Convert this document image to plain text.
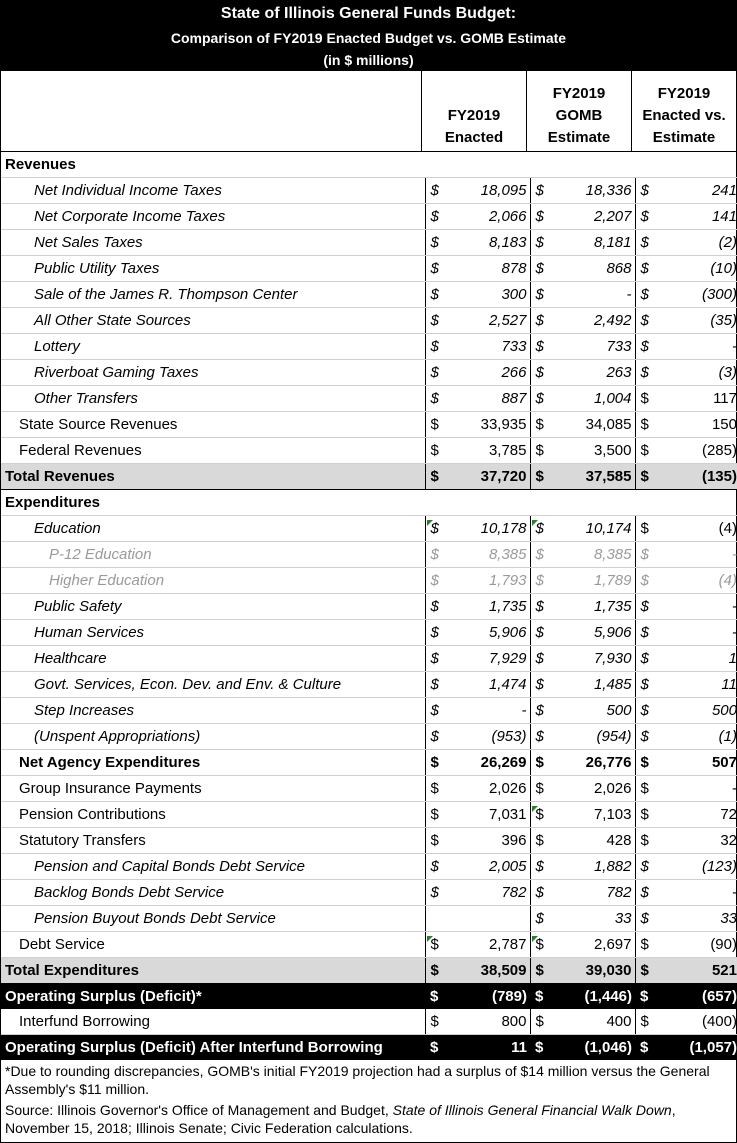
State of Illinois General Funds Budget:
Comparison of FY2019 Enacted Budget vs. GOMB Estimate
(in $ millions)
FY2019
Enacted
FY2019
GOMB
Estimate
FY2019
Enacted vs.
Estimate
Revenues						
Net Individual Income Taxes	$	18,095	$	18,336	$	241
Net Corporate Income Taxes	$	2,066	$	2,207	$	141
Net Sales Taxes	$	8,183	$	8,181	$	(2)
Public Utility Taxes	$	878	$	868	$	(10)
Sale of the James R. Thompson Center	$	300	$	-	$	(300)
All Other State Sources	$	2,527	$	2,492	$	(35)
Lottery	$	733	$	733	$	-
Riverboat Gaming Taxes	$	266	$	263	$	(3)
Other Transfers	$	887	$	1,004	$	117
State Source Revenues	$	33,935	$	34,085	$	150
Federal Revenues	$	3,785	$	3,500	$	(285)
Total Revenues	$	37,720	$	37,585	$	(135)
Expenditures						
Education	$	10,178	$	10,174	$	(4)
P-12 Education	$	8,385	$	8,385	$	-
Higher Education	$	1,793	$	1,789	$	(4)
Public Safety	$	1,735	$	1,735	$	-
Human Services	$	5,906	$	5,906	$	-
Healthcare	$	7,929	$	7,930	$	1
Govt. Services, Econ. Dev. and Env. & Culture	$	1,474	$	1,485	$	11
Step Increases	$	-	$	500	$	500
(Unspent Appropriations)	$	(953)	$	(954)	$	(1)
Net Agency Expenditures	$	26,269	$	26,776	$	507
Group Insurance Payments	$	2,026	$	2,026	$	-
Pension Contributions	$	7,031	$	7,103	$	72
Statutory Transfers	$	396	$	428	$	32
Pension and Capital Bonds Debt Service	$	2,005	$	1,882	$	(123)
Backlog Bonds Debt Service	$	782	$	782	$	-
Pension Buyout Bonds Debt Service			$	33	$	33
Debt Service	$	2,787	$	2,697	$	(90)
Total Expenditures	$	38,509	$	39,030	$	521
Operating Surplus (Deficit)*	$	(789)	$	(1,446)	$	(657)
Interfund Borrowing	$	800	$	400	$	(400)
Operating Surplus (Deficit) After Interfund Borrowing	$	11	$	(1,046)	$	(1,057)

*Due to rounding discrepancies, GOMB's initial FY2019 projection had a surplus of $14 million versus the General Assembly's $11 million.

Source: Illinois Governor's Office of Management and Budget, State of Illinois General Financial Walk Down, November 15, 2018; Illinois Senate; Civic Federation calculations.
